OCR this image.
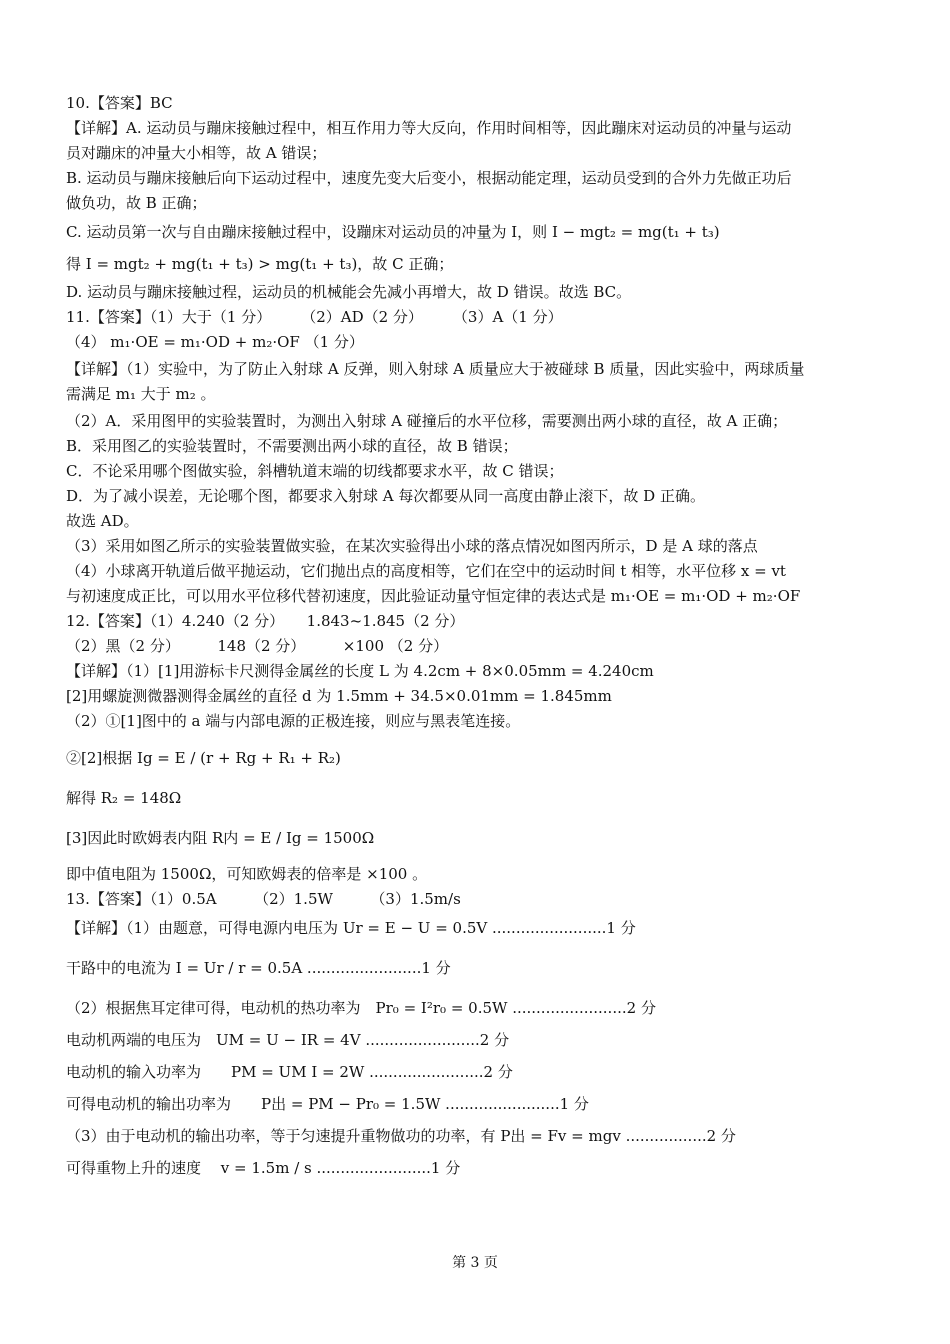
10.【答案】BC
【详解】A. 运动员与蹦床接触过程中，相互作用力等大反向，作用时间相等，因此蹦床对运动员的冲量与运动
员对蹦床的冲量大小相等，故 A 错误；
B. 运动员与蹦床接触后向下运动过程中，速度先变大后变小，根据动能定理，运动员受到的合外力先做正功后
做负功，故 B 正确；
C. 运动员第一次与自由蹦床接触过程中，设蹦床对运动员的冲量为 I，则 I − mgt₂ = mg(t₁ + t₃)
得 I = mgt₂ + mg(t₁ + t₃) > mg(t₁ + t₃)，故 C 正确；
D. 运动员与蹦床接触过程，运动员的机械能会先减小再增大，故 D 错误。故选 BC。
11.【答案】（1）大于（1 分）　　　（2）AD（2 分）　　　（3）A（1 分）
（4） m₁·OE = m₁·OD + m₂·OF （1 分）
【详解】（1）实验中，为了防止入射球 A 反弹，则入射球 A 质量应大于被碰球 B 质量，因此实验中，两球质量
需满足 m₁ 大于 m₂ 。
（2）A．采用图甲的实验装置时，为测出入射球 A 碰撞后的水平位移，需要测出两小球的直径，故 A 正确；
B．采用图乙的实验装置时，不需要测出两小球的直径，故 B 错误；
C．不论采用哪个图做实验，斜槽轨道末端的切线都要求水平，故 C 错误；
D．为了减小误差，无论哪个图，都要求入射球 A 每次都要从同一高度由静止滚下，故 D 正确。
故选 AD。
（3）采用如图乙所示的实验装置做实验，在某次实验得出小球的落点情况如图丙所示，D 是 A 球的落点
（4）小球离开轨道后做平抛运动，它们抛出点的高度相等，它们在空中的运动时间 t 相等，水平位移 x = vt
与初速度成正比，可以用水平位移代替初速度，因此验证动量守恒定律的表达式是 m₁·OE = m₁·OD + m₂·OF
12.【答案】（1）4.240（2 分）　　1.843~1.845（2 分）
（2）黑（2 分）　　　148（2 分）　　　×100 （2 分）
【详解】（1）[1]用游标卡尺测得金属丝的长度 L 为 4.2cm + 8×0.05mm = 4.240cm
[2]用螺旋测微器测得金属丝的直径 d 为 1.5mm + 34.5×0.01mm = 1.845mm
（2）①[1]图中的 a 端与内部电源的正极连接，则应与黑表笔连接。
②[2]根据 Ig = E / (r + Rg + R₁ + R₂)
解得 R₂ = 148Ω
[3]因此时欧姆表内阻 R内 = E / Ig = 1500Ω
即中值电阻为 1500Ω，可知欧姆表的倍率是 ×100 。
13.【答案】（1）0.5A　　　（2）1.5W　　　（3）1.5m/s
【详解】（1）由题意，可得电源内电压为 Ur = E − U = 0.5V ........................1 分
干路中的电流为 I = Ur / r = 0.5A ........................1 分
（2）根据焦耳定律可得，电动机的热功率为　Pr₀ = I²r₀ = 0.5W ........................2 分
电动机两端的电压为　UM = U − IR = 4V ........................2 分
电动机的输入功率为　　PM = UM I = 2W ........................2 分
可得电动机的输出功率为　　P出 = PM − Pr₀ = 1.5W ........................1 分
（3）由于电动机的输出功率，等于匀速提升重物做功的功率，有 P出 = Fv = mgv .................2 分
可得重物上升的速度　 v = 1.5m / s ........................1 分
第 3 页
